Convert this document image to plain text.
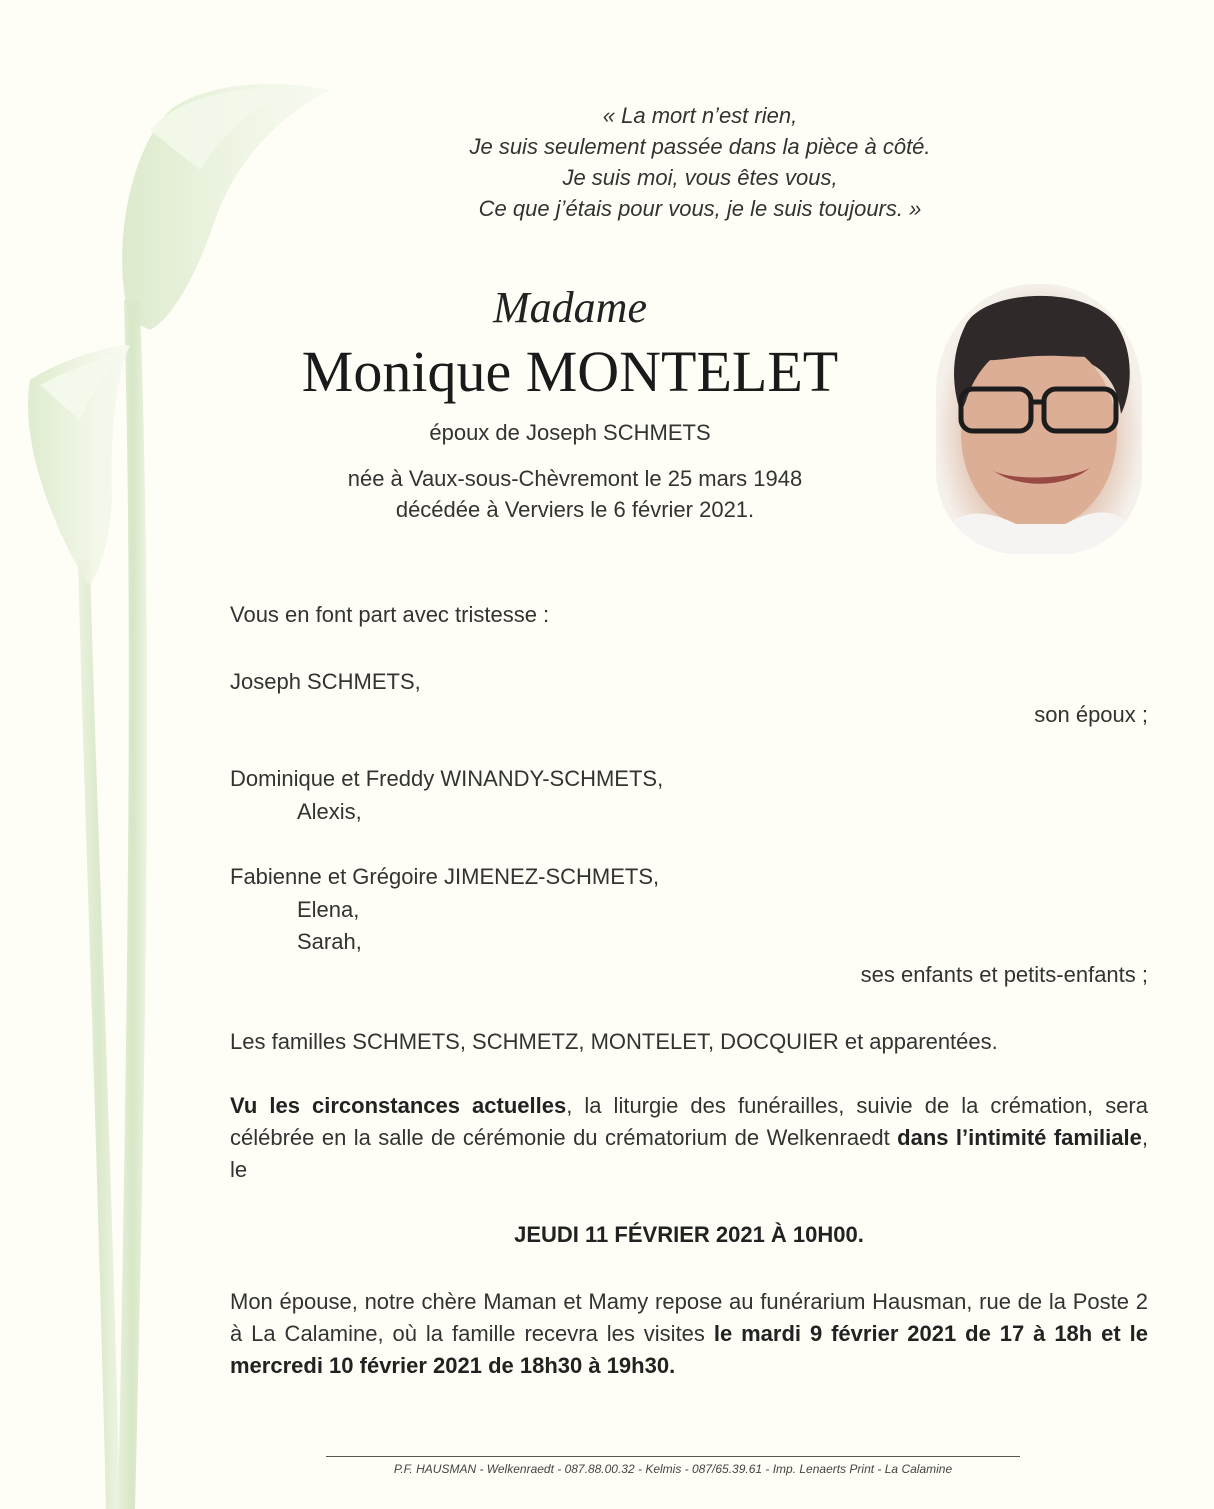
« La mort n’est rien,
Je suis seulement passée dans la pièce à côté.
Je suis moi, vous êtes vous,
Ce que j’étais pour vous, je le suis toujours. »
Madame
Monique MONTELET
époux de Joseph SCHMETS
née à Vaux-sous-Chèvremont le 25 mars 1948
décédée à Verviers le 6 février 2021.
Vous en font part avec tristesse :
Joseph SCHMETS,
son époux ;
Dominique et Freddy WINANDY-SCHMETS,
Alexis,
Fabienne et Grégoire JIMENEZ-SCHMETS,
Elena,
Sarah,
ses enfants et petits-enfants ;
Les familles SCHMETS, SCHMETZ, MONTELET, DOCQUIER et apparentées.
Vu les circonstances actuelles, la liturgie des funérailles, suivie de la crémation, sera célébrée en la salle de cérémonie du crématorium de Welkenraedt dans l’intimité familiale, le
JEUDI 11 FÉVRIER 2021 À 10H00.
Mon épouse, notre chère Maman et Mamy repose au funérarium Hausman, rue de la Poste 2 à La Calamine, où la famille recevra les visites le mardi 9 février 2021 de 17 à 18h et le mercredi 10 février 2021 de 18h30 à 19h30.
P.F. HAUSMAN - Welkenraedt - 087.88.00.32 - Kelmis - 087/65.39.61 - Imp. Lenaerts Print - La Calamine
